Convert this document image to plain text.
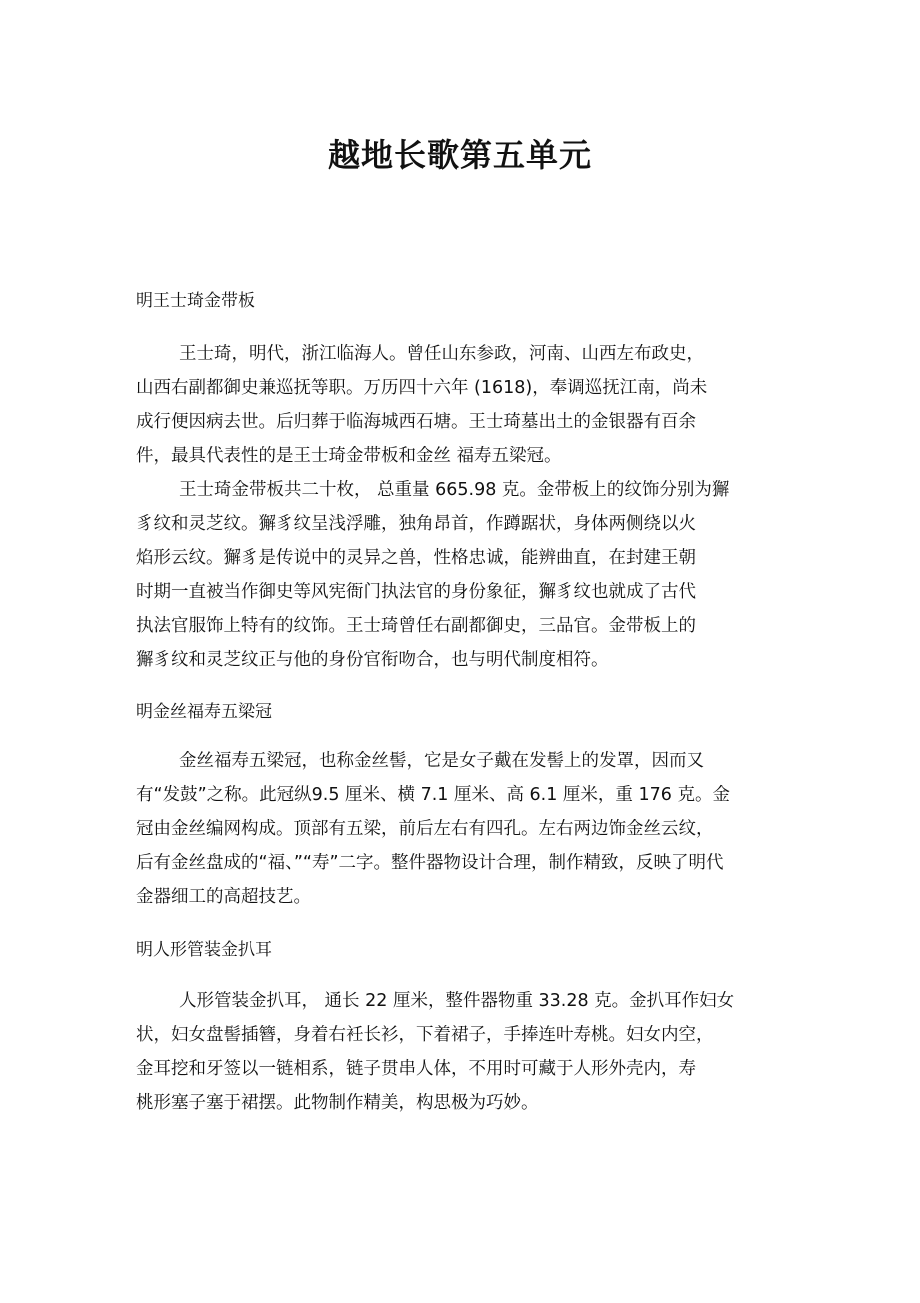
越地长歌第五单元
明王士琦金带板
王士琦，明代，浙江临海人。曾任山东参政，河南、山西左布政史，
山西右副都御史兼巡抚等职。万历四十六年 (1618)，奉调巡抚江南，尚未
成行便因病去世。后归葬于临海城西石塘。王士琦墓出土的金银器有百余
件，最具代表性的是王士琦金带板和金丝 福寿五梁冠。
王士琦金带板共二十枚， 总重量 665.98 克。金带板上的纹饰分别为獬
豸纹和灵芝纹。獬豸纹呈浅浮雕，独角昂首，作蹲踞状，身体两侧绕以火
焰形云纹。獬豸是传说中的灵异之兽，性格忠诚，能辨曲直，在封建王朝
时期一直被当作御史等风宪衙门执法官的身份象征，獬豸纹也就成了古代
执法官服饰上特有的纹饰。王士琦曾任右副都御史，三品官。金带板上的
獬豸纹和灵芝纹正与他的身份官衔吻合，也与明代制度相符。
明金丝福寿五梁冠
金丝福寿五梁冠，也称金丝髻，它是女子戴在发髻上的发罩，因而又
有“发鼓”之称。此冠纵9.5 厘米、横 7.1 厘米、高 6.1 厘米，重 176 克。金
冠由金丝编网构成。顶部有五梁，前后左右有四孔。左右两边饰金丝云纹，
后有金丝盘成的“福、”“寿”二字。整件器物设计合理，制作精致，反映了明代
金器细工的高超技艺。
明人形管装金扒耳
人形管装金扒耳， 通长 22 厘米，整件器物重 33.28 克。金扒耳作妇女
状，妇女盘髻插簪，身着右衽长衫，下着裙子，手捧连叶寿桃。妇女内空，
金耳挖和牙签以一链相系，链子贯串人体，不用时可藏于人形外壳内，寿
桃形塞子塞于裙摆。此物制作精美，构思极为巧妙。
